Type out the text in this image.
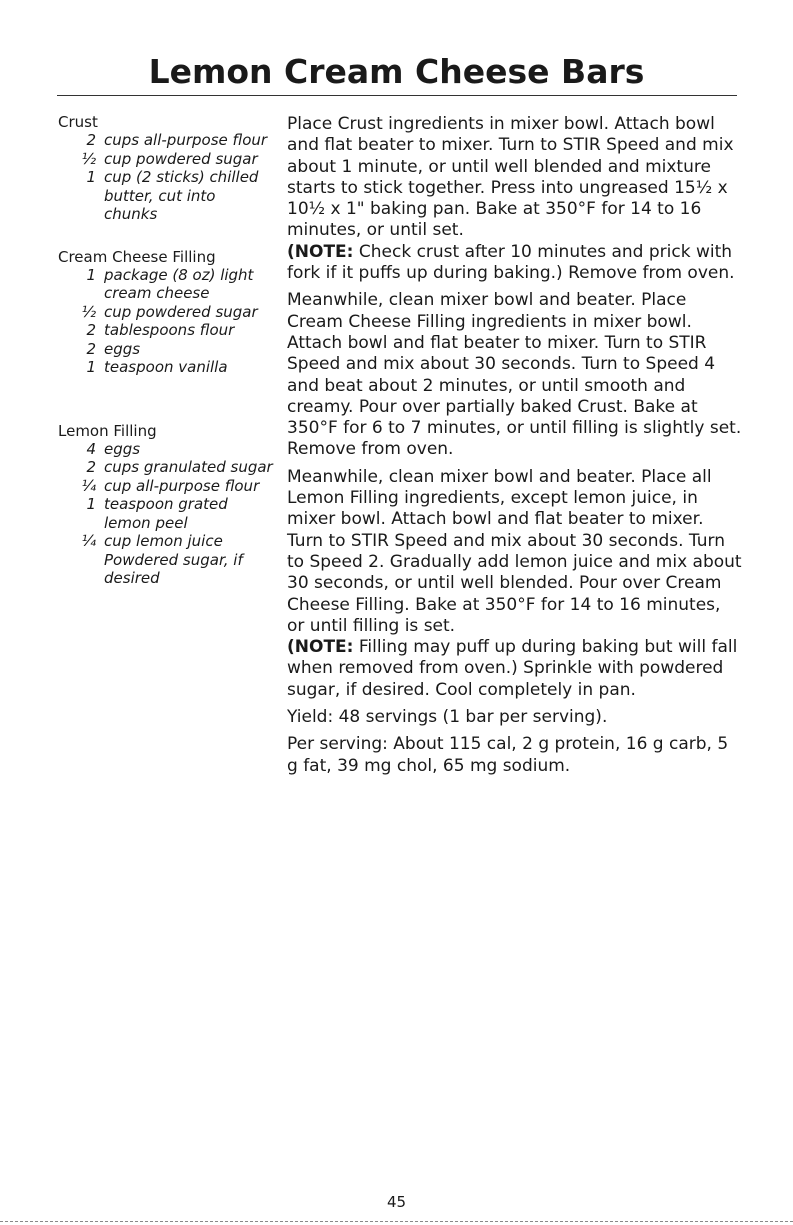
Lemon Cream Cheese Bars
Crust
2 cups all-purpose flour
½ cup powdered sugar
1 cup (2 sticks) chilled butter, cut into chunks
Cream Cheese Filling
1 package (8 oz) light cream cheese
½ cup powdered sugar
2 tablespoons flour
2 eggs
1 teaspoon vanilla
Lemon Filling
4 eggs
2 cups granulated sugar
¼ cup all-purpose flour
1 teaspoon grated lemon peel
¼ cup lemon juice
Powdered sugar, if desired

Place Crust ingredients in mixer bowl. Attach bowl and flat beater to mixer. Turn to STIR Speed and mix about 1 minute, or until well blended and mixture starts to stick together. Press into ungreased 15½ x 10½ x 1" baking pan. Bake at 350°F for 14 to 16 minutes, or until set.
(NOTE: Check crust after 10 minutes and prick with fork if it puffs up during baking.) Remove from oven.

Meanwhile, clean mixer bowl and beater. Place Cream Cheese Filling ingredients in mixer bowl. Attach bowl and flat beater to mixer. Turn to STIR Speed and mix about 30 seconds. Turn to Speed 4 and beat about 2 minutes, or until smooth and creamy. Pour over partially baked Crust. Bake at 350°F for 6 to 7 minutes, or until filling is slightly set. Remove from oven.

Meanwhile, clean mixer bowl and beater. Place all Lemon Filling ingredients, except lemon juice, in mixer bowl. Attach bowl and flat beater to mixer. Turn to STIR Speed and mix about 30 seconds. Turn to Speed 2. Gradually add lemon juice and mix about 30 seconds, or until well blended. Pour over Cream Cheese Filling. Bake at 350°F for 14 to 16 minutes, or until filling is set.
(NOTE: Filling may puff up during baking but will fall when removed from oven.) Sprinkle with powdered sugar, if desired. Cool completely in pan.

Yield: 48 servings (1 bar per serving).

Per serving: About 115 cal, 2 g protein, 16 g carb, 5 g fat, 39 mg chol, 65 mg sodium.

45
